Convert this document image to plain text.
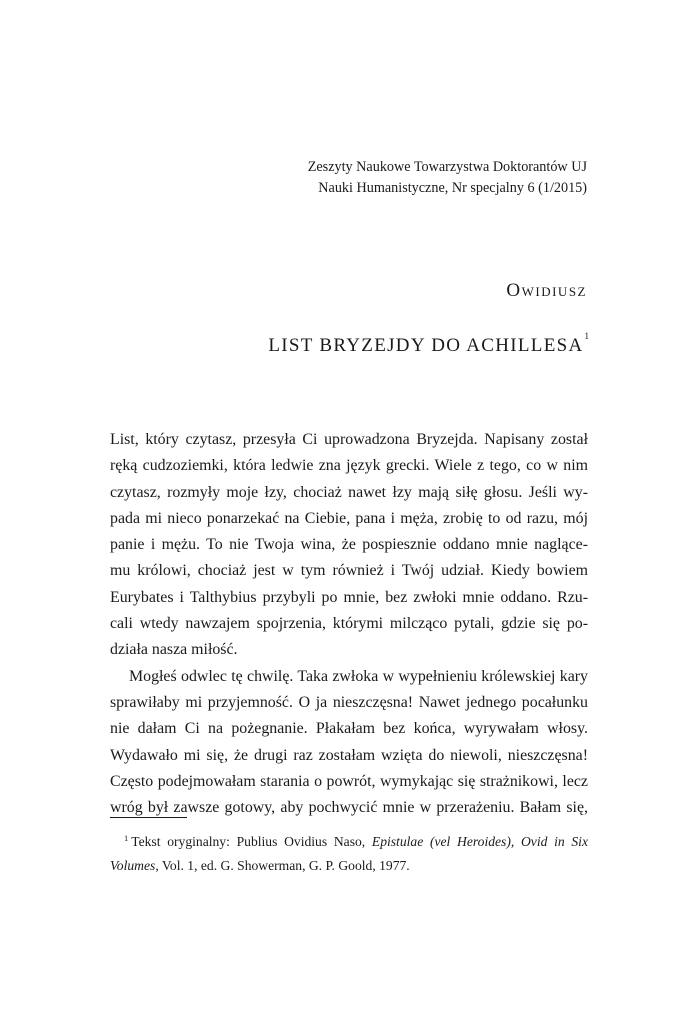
Zeszyty Naukowe Towarzystwa Doktorantów UJ
Nauki Humanistyczne, Nr specjalny 6 (1/2015)
Owidiusz
LIST BRYZEJDY DO ACHILLESA$^1$
List, który czytasz, przesyła Ci uprowadzona Bryzejda. Napisany został
ręką cudzoziemki, która ledwie zna język grecki. Wiele z tego, co w nim
czytasz, rozmyły moje łzy, chociaż nawet łzy mają siłę głosu. Jeśli wy-
pada mi nieco ponarzekać na Ciebie, pana i męża, zrobię to od razu, mój
panie i mężu. To nie Twoja wina, że pospiesznie oddano mnie naglące-
mu królowi, chociaż jest w tym również i Twój udział. Kiedy bowiem
Eurybates i Talthybius przybyli po mnie, bez zwłoki mnie oddano. Rzu-
cali wtedy nawzajem spojrzenia, którymi milcząco pytali, gdzie się po-
działa nasza miłość.
Mogłeś odwlec tę chwilę. Taka zwłoka w wypełnieniu królewskiej kary
sprawiłaby mi przyjemność. O ja nieszczęsna! Nawet jednego pocałunku
nie dałam Ci na pożegnanie. Płakałam bez końca, wyrywałam włosy.
Wydawało mi się, że drugi raz zostałam wzięta do niewoli, nieszczęsna!
Często podejmowałam starania o powrót, wymykając się strażnikowi, lecz
wróg był zawsze gotowy, aby pochwycić mnie w przerażeniu. Bałam się,
$^1$ Tekst oryginalny: Publius Ovidius Naso, Epistulae (vel Heroides), Ovid in Six
Volumes, Vol. 1, ed. G. Showerman, G. P. Goold, 1977.
